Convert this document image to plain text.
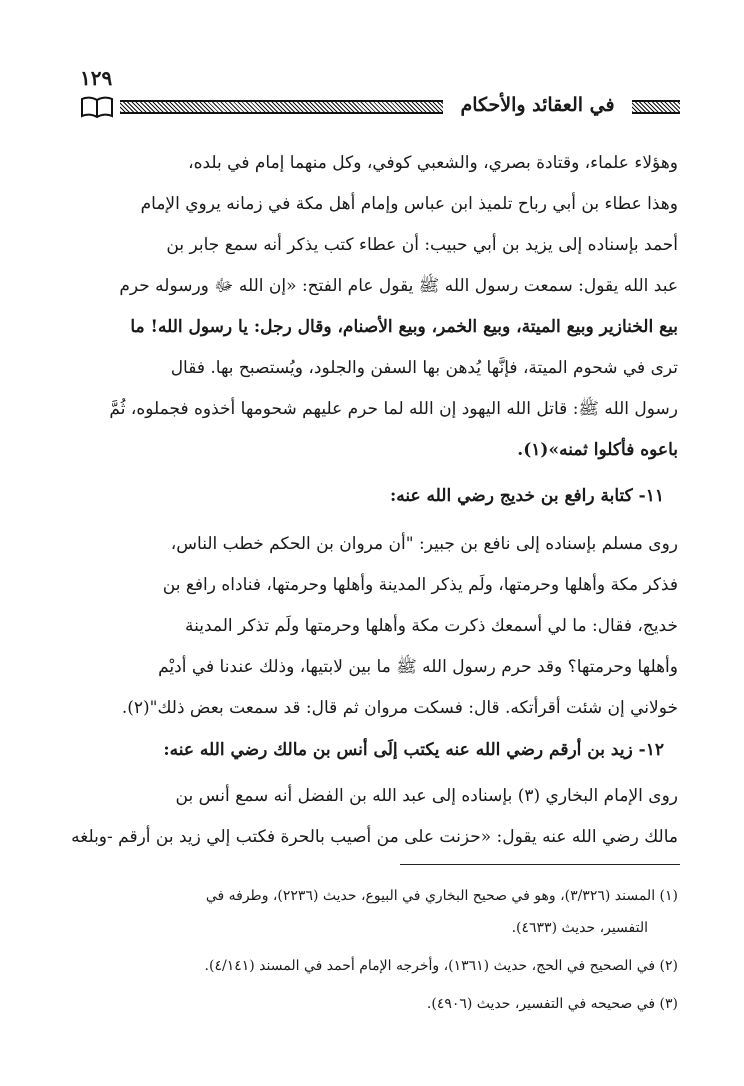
١٢٩
في العقائد والأحكام
وهؤلاء علماء، وقتادة بصري، والشعبي كوفي، وكل منهما إمام في بلده،
وهذا عطاء بن أبي رباح تلميذ ابن عباس وإمام أهل مكة في زمانه يروي الإمام
أحمد بإسناده إلى يزيد بن أبي حبيب: أن عطاء كتب يذكر أنه سمع جابر بن
عبد الله يقول: سمعت رسول الله ﷺ يقول عام الفتح: «إن الله ﷻ ورسوله حرم
بيع الخنازير وبيع الميتة، وبيع الخمر، وبيع الأصنام، وقال رجل: يا رسول الله! ما
ترى في شحوم الميتة، فإنَّها يُدهن بها السفن والجلود، ويُستصبح بها. فقال
رسول الله ﷺ: قاتل الله اليهود إن الله لما حرم عليهم شحومها أخذوه فجملوه، ثُمَّ
باعوه فأكلوا ثمنه»(١).
١١- كتابة رافع بن خديج رضي الله عنه:
روى مسلم بإسناده إلى نافع بن جبير: "أن مروان بن الحكم خطب الناس،
فذكر مكة وأهلها وحرمتها، ولَم يذكر المدينة وأهلها وحرمتها، فناداه رافع بن
خديج، فقال: ما لي أسمعك ذكرت مكة وأهلها وحرمتها ولَم تذكر المدينة
وأهلها وحرمتها؟ وقد حرم رسول الله ﷺ ما بين لابتيها، وذلك عندنا في أديْم
خولاني إن شئت أقرأتكه. قال: فسكت مروان ثم قال: قد سمعت بعض ذلك"(٢).
١٢- زيد بن أرقم رضي الله عنه يكتب إلَى أنس بن مالك رضي الله عنه:
روى الإمام البخاري (٣) بإسناده إلى عبد الله بن الفضل أنه سمع أنس بن
مالك رضي الله عنه يقول: «حزنت على من أصيب بالحرة فكتب إلي زيد بن أرقم -وبلغه
(١) المسند (٣/٣٢٦)، وهو في صحيح البخاري في البيوع، حديث (٢٢٣٦)، وطرفه في
التفسير، حديث (٤٦٣٣).
(٢) في الصحيح في الحج، حديث (١٣٦١)، وأخرجه الإمام أحمد في المسند (٤/١٤١).
(٣) في صحيحه في التفسير، حديث (٤٩٠٦).
